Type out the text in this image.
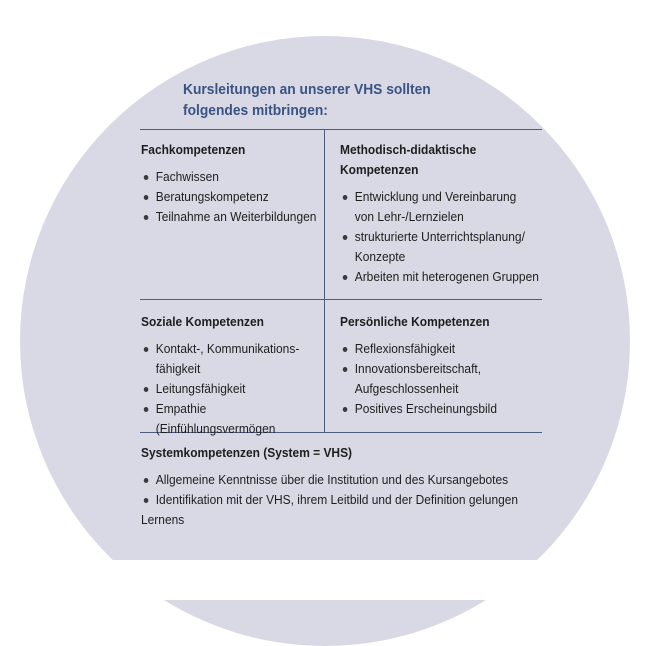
Kursleitungen an unserer VHS sollten
folgendes mitbringen:
Fachkompetenzen
Fachwissen
Beratungskompetenz
Teilnahme an Weiterbildungen
Methodisch-didaktische
Kompetenzen
Entwicklung und Vereinbarung
von Lehr-/Lernzielen
strukturierte Unterrichtsplanung/
Konzepte
Arbeiten mit heterogenen Gruppen
Soziale Kompetenzen
Kontakt-, Kommunikations-
fähigkeit
Leitungsfähigkeit
Empathie (Einfühlungsvermögen
Persönliche Kompetenzen
Reflexionsfähigkeit
Innovationsbereitschaft,
Aufgeschlossenheit
Positives Erscheinungsbild
Systemkompetenzen (System = VHS)
Allgemeine Kenntnisse über die Institution und des Kursangebotes
Identifikation mit der VHS, ihrem Leitbild und der Definition gelungen
Lernens
